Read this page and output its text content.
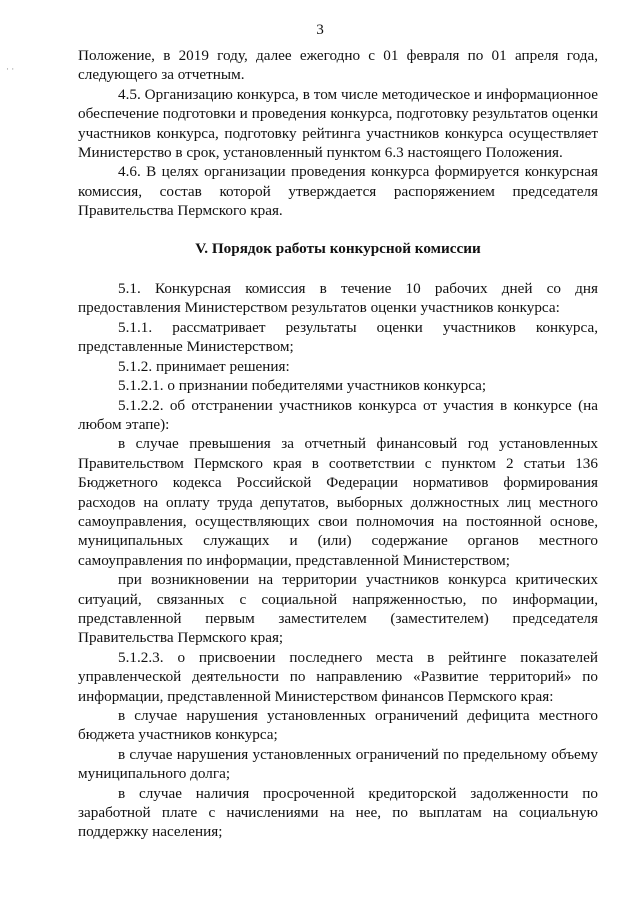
· ·
3

Положение, в 2019 году, далее ежегодно с 01 февраля по 01 апреля года, следующего за отчетным.

4.5. Организацию конкурса, в том числе методическое и информационное обеспечение подготовки и проведения конкурса, подготовку результатов оценки участников конкурса, подготовку рейтинга участников конкурса осуществляет Министерство в срок, установленный пунктом 6.3 настоящего Положения.

4.6. В целях организации проведения конкурса формируется конкурсная комиссия, состав которой утверждается распоряжением председателя Правительства Пермского края.

V. Порядок работы конкурсной комиссии

5.1. Конкурсная комиссия в течение 10 рабочих дней со дня предоставления Министерством результатов оценки участников конкурса:

5.1.1. рассматривает результаты оценки участников конкурса, представленные Министерством;

5.1.2. принимает решения:

5.1.2.1. о признании победителями участников конкурса;

5.1.2.2. об отстранении участников конкурса от участия в конкурсе (на любом этапе):

в случае превышения за отчетный финансовый год установленных Правительством Пермского края в соответствии с пунктом 2 статьи 136 Бюджетного кодекса Российской Федерации нормативов формирования расходов на оплату труда депутатов, выборных должностных лиц местного самоуправления, осуществляющих свои полномочия на постоянной основе, муниципальных служащих и (или) содержание органов местного самоуправления по информации, представленной Министерством;

при возникновении на территории участников конкурса критических ситуаций, связанных с социальной напряженностью, по информации, представленной первым заместителем (заместителем) председателя Правительства Пермского края;

5.1.2.3. о присвоении последнего места в рейтинге показателей управленческой деятельности по направлению «Развитие территорий» по информации, представленной Министерством финансов Пермского края:

в случае нарушения установленных ограничений дефицита местного бюджета участников конкурса;

в случае нарушения установленных ограничений по предельному объему муниципального долга;

в случае наличия просроченной кредиторской задолженности по заработной плате с начислениями на нее, по выплатам на социальную поддержку населения;
